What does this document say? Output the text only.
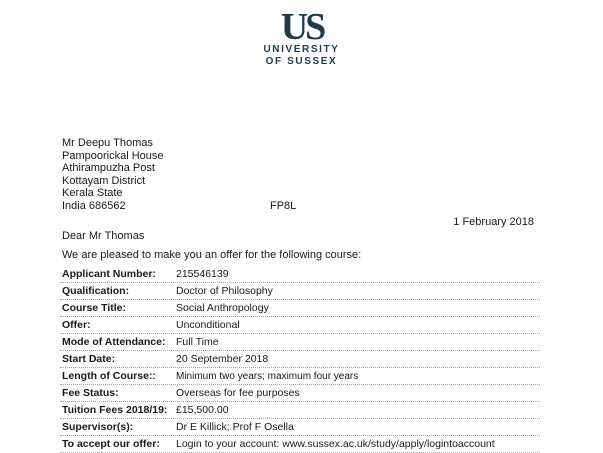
US
UNIVERSITY
OF SUSSEX
Mr Deepu Thomas
Pampoorickal House
Athirampuzha Post
Kottayam District
Kerala State
India 686562	FP8L
1 February 2018
Dear Mr Thomas
We are pleased to make you an offer for the following course:
Applicant Number:	215546139
Qualification:	Doctor of Philosophy
Course Title:	Social Anthropology
Offer:	Unconditional
Mode of Attendance:	Full Time
Start Date:	20 September 2018
Length of Course::	Minimum two years; maximum four years
Fee Status:	Overseas for fee purposes
Tuition Fees 2018/19: £15,500.00
Supervisor(s):	Dr E Killick; Prof F Osella
To accept our offer:	Login to your account: www.sussex.ac.uk/study/apply/logintoaccount
